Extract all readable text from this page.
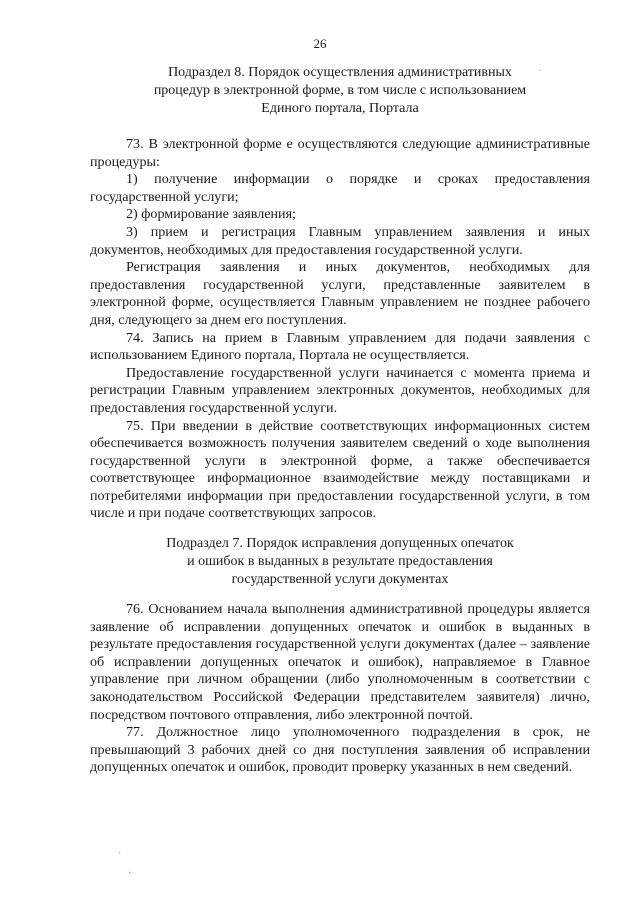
26
Подраздел 8. Порядок осуществления административных
процедур в электронной форме, в том числе с использованием
Единого портала, Портала

73. В электронной форме е осуществляются следующие административные процедуры:

1) получение информации о порядке и сроках предоставления государственной услуги;

2) формирование заявления;

3) прием и регистрация Главным управлением заявления и иных документов, необходимых для предоставления государственной услуги.

Регистрация заявления и иных документов, необходимых для предоставления государственной услуги, представленные заявителем в электронной форме, осуществляется Главным управлением не позднее рабочего дня, следующего за днем его поступления.

74. Запись на прием в Главным управлением для подачи заявления с использованием Единого портала, Портала не осуществляется.

Предоставление государственной услуги начинается с момента приема и регистрации Главным управлением электронных документов, необходимых для предоставления государственной услуги.

75. При введении в действие соответствующих информационных систем обеспечивается возможность получения заявителем сведений о ходе выполнения государственной услуги в электронной форме, а также обеспечивается соответствующее информационное взаимодействие между поставщиками и потребителями информации при предоставлении государственной услуги, в том числе и при подаче соответствующих запросов.

Подраздел 7. Порядок исправления допущенных опечаток
и ошибок в выданных в результате предоставления
государственной услуги документах

76. Основанием начала выполнения административной процедуры является заявление об исправлении допущенных опечаток и ошибок в выданных в результате предоставления государственной услуги документах (далее – заявление об исправлении допущенных опечаток и ошибок), направляемое в Главное управление при личном обращении (либо уполномоченным в соответствии с законодательством Российской Федерации представителем заявителя) лично, посредством почтового отправления, либо электронной почтой.

77. Должностное лицо уполномоченного подразделения в срок, не превышающий 3 рабочих дней со дня поступления заявления об исправлении допущенных опечаток и ошибок, проводит проверку указанных в нем сведений.

·
·
·
